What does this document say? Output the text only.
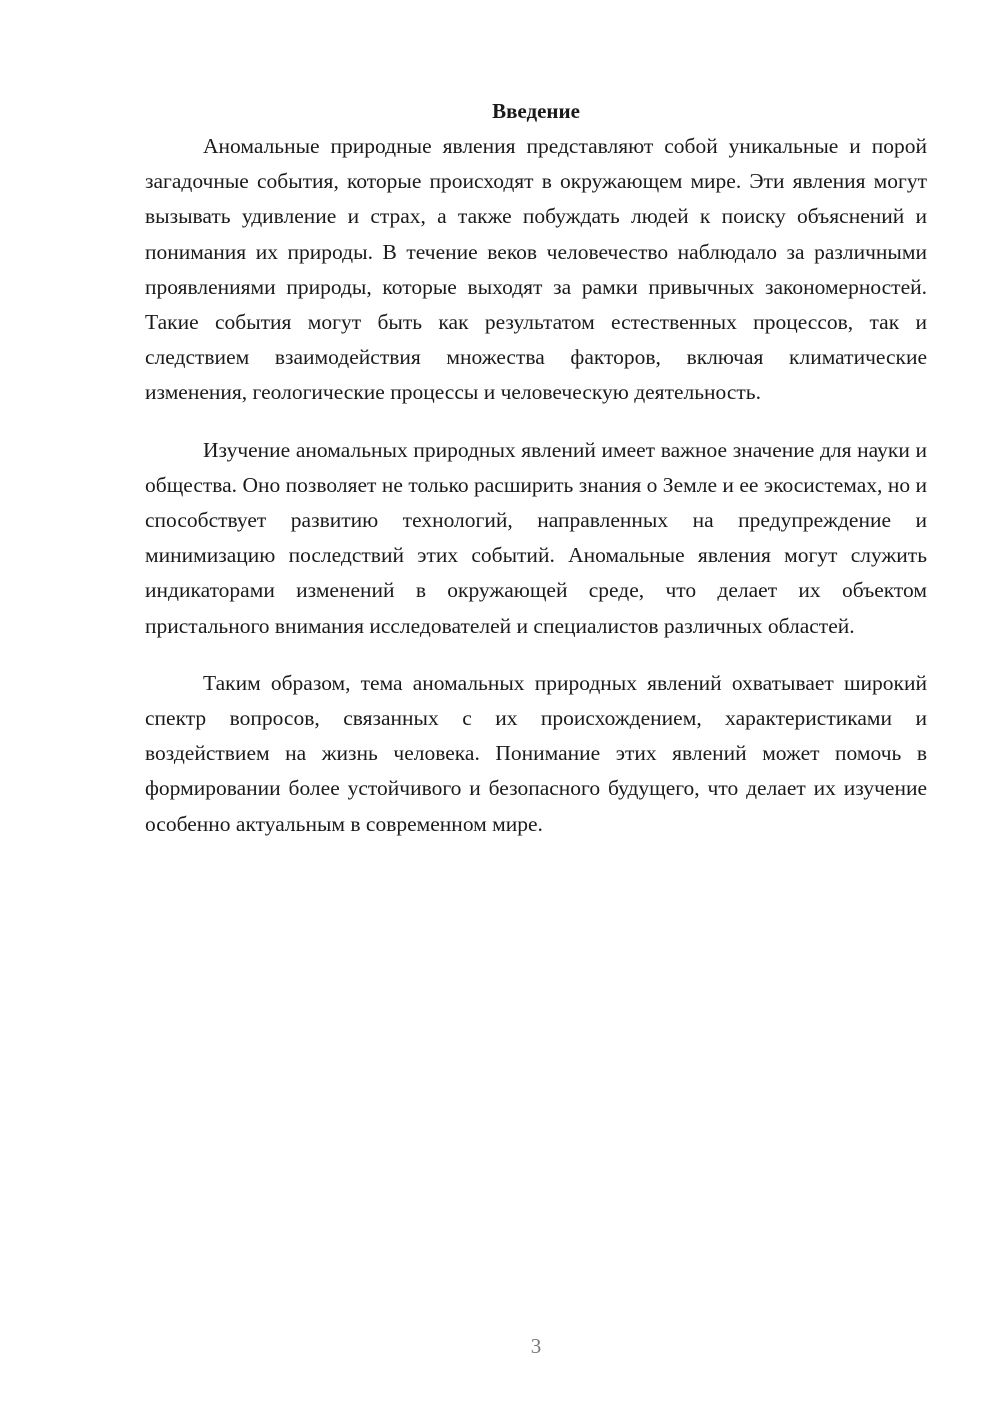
Введение

Аномальные природные явления представляют собой уникальные и порой загадочные события, которые происходят в окружающем мире. Эти явления могут вызывать удивление и страх, а также побуждать людей к поиску объяснений и понимания их природы. В течение веков человечество наблюдало за различными проявлениями природы, которые выходят за рамки привычных закономерностей. Такие события могут быть как результатом естественных процессов, так и следствием взаимодействия множества факторов, включая климатические изменения, геологические процессы и человеческую деятельность.

Изучение аномальных природных явлений имеет важное значение для науки и общества. Оно позволяет не только расширить знания о Земле и ее экосистемах, но и способствует развитию технологий, направленных на предупреждение и минимизацию последствий этих событий. Аномальные явления могут служить индикаторами изменений в окружающей среде, что делает их объектом пристального внимания исследователей и специалистов различных областей.

Таким образом, тема аномальных природных явлений охватывает широкий спектр вопросов, связанных с их происхождением, характеристиками и воздействием на жизнь человека. Понимание этих явлений может помочь в формировании более устойчивого и безопасного будущего, что делает их изучение особенно актуальным в современном мире.

3
